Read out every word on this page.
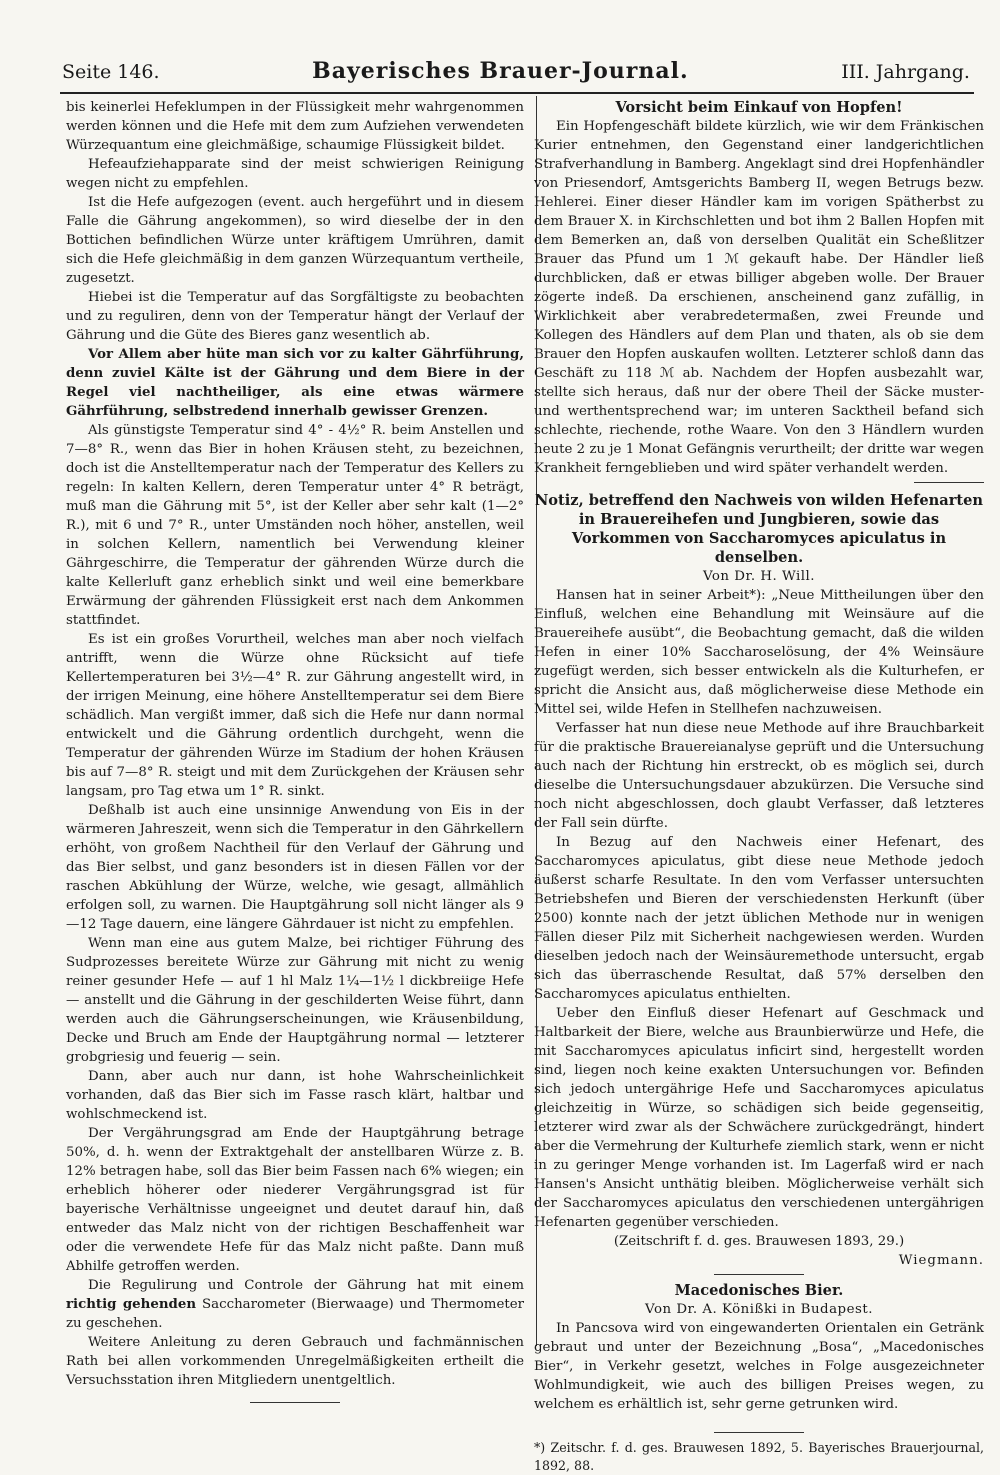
Seite 146.	Bayerisches Brauer-Journal.	III. Jahrgang.

bis keinerlei Hefeklumpen in der Flüssigkeit mehr wahrgenommen werden können und die Hefe mit dem zum Aufziehen verwendeten Würzequantum eine gleichmäßige, schaumige Flüssigkeit bildet.

Hefeaufziehapparate sind der meist schwierigen Reinigung wegen nicht zu empfehlen.

Ist die Hefe aufgezogen (event. auch hergeführt und in diesem Falle die Gährung angekommen), so wird dieselbe der in den Bottichen befindlichen Würze unter kräftigem Umrühren, damit sich die Hefe gleichmäßig in dem ganzen Würzequantum vertheile, zugesetzt.

Hiebei ist die Temperatur auf das Sorgfältigste zu beobachten und zu reguliren, denn von der Temperatur hängt der Verlauf der Gährung und die Güte des Bieres ganz wesentlich ab.

Vor Allem aber hüte man sich vor zu kalter Gährführung, denn zuviel Kälte ist der Gährung und dem Biere in der Regel viel nachtheiliger, als eine etwas wärmere Gährführung, selbstredend innerhalb gewisser Grenzen.

Als günstigste Temperatur sind 4° - 4½° R. beim Anstellen und 7—8° R., wenn das Bier in hohen Kräusen steht, zu bezeichnen, doch ist die Anstelltemperatur nach der Temperatur des Kellers zu regeln: In kalten Kellern, deren Temperatur unter 4° R beträgt, muß man die Gährung mit 5°, ist der Keller aber sehr kalt (1—2° R.), mit 6 und 7° R., unter Umständen noch höher, anstellen, weil in solchen Kellern, namentlich bei Verwendung kleiner Gährgeschirre, die Temperatur der gährenden Würze durch die kalte Kellerluft ganz erheblich sinkt und weil eine bemerkbare Erwärmung der gährenden Flüssigkeit erst nach dem Ankommen stattfindet.

Es ist ein großes Vorurtheil, welches man aber noch vielfach antrifft, wenn die Würze ohne Rücksicht auf tiefe Kellertemperaturen bei 3½—4° R. zur Gährung angestellt wird, in der irrigen Meinung, eine höhere Anstelltemperatur sei dem Biere schädlich. Man vergißt immer, daß sich die Hefe nur dann normal entwickelt und die Gährung ordentlich durchgeht, wenn die Temperatur der gährenden Würze im Stadium der hohen Kräusen bis auf 7—8° R. steigt und mit dem Zurückgehen der Kräusen sehr langsam, pro Tag etwa um 1° R. sinkt.

Deßhalb ist auch eine unsinnige Anwendung von Eis in der wärmeren Jahreszeit, wenn sich die Temperatur in den Gährkellern erhöht, von großem Nachtheil für den Verlauf der Gährung und das Bier selbst, und ganz besonders ist in diesen Fällen vor der raschen Abkühlung der Würze, welche, wie gesagt, allmählich erfolgen soll, zu warnen. Die Hauptgährung soll nicht länger als 9—12 Tage dauern, eine längere Gährdauer ist nicht zu empfehlen.

Wenn man eine aus gutem Malze, bei richtiger Führung des Sudprozesses bereitete Würze zur Gährung mit nicht zu wenig reiner gesunder Hefe — auf 1 hl Malz 1¼—1½ l dickbreiige Hefe — anstellt und die Gährung in der geschilderten Weise führt, dann werden auch die Gährungserscheinungen, wie Kräusenbildung, Decke und Bruch am Ende der Hauptgährung normal — letzterer grobgriesig und feuerig — sein.

Dann, aber auch nur dann, ist hohe Wahrscheinlichkeit vorhanden, daß das Bier sich im Fasse rasch klärt, haltbar und wohlschmeckend ist.

Der Vergährungsgrad am Ende der Hauptgährung betrage 50%, d. h. wenn der Extraktgehalt der anstellbaren Würze z. B. 12% betragen habe, soll das Bier beim Fassen nach 6% wiegen; ein erheblich höherer oder niederer Vergährungsgrad ist für bayerische Verhältnisse ungeeignet und deutet darauf hin, daß entweder das Malz nicht von der richtigen Beschaffenheit war oder die verwendete Hefe für das Malz nicht paßte. Dann muß Abhilfe getroffen werden.

Die Regulirung und Controle der Gährung hat mit einem richtig gehenden Saccharometer (Bierwaage) und Thermometer zu geschehen.

Weitere Anleitung zu deren Gebrauch und fachmännischen Rath bei allen vorkommenden Unregelmäßigkeiten ertheilt die Versuchsstation ihren Mitgliedern unentgeltlich.

Vorsicht beim Einkauf von Hopfen!

Ein Hopfengeschäft bildete kürzlich, wie wir dem Fränkischen Kurier entnehmen, den Gegenstand einer landgerichtlichen Strafverhandlung in Bamberg. Angeklagt sind drei Hopfenhändler von Priesendorf, Amtsgerichts Bamberg II, wegen Betrugs bezw. Hehlerei. Einer dieser Händler kam im vorigen Spätherbst zu dem Brauer X. in Kirchschletten und bot ihm 2 Ballen Hopfen mit dem Bemerken an, daß von derselben Qualität ein Scheßlitzer Brauer das Pfund um 1 ℳ gekauft habe. Der Händler ließ durchblicken, daß er etwas billiger abgeben wolle. Der Brauer zögerte indeß. Da erschienen, anscheinend ganz zufällig, in Wirklichkeit aber verabredetermaßen, zwei Freunde und Kollegen des Händlers auf dem Plan und thaten, als ob sie dem Brauer den Hopfen auskaufen wollten. Letzterer schloß dann das Geschäft zu 118 ℳ ab. Nachdem der Hopfen ausbezahlt war, stellte sich heraus, daß nur der obere Theil der Säcke muster- und werthentsprechend war; im unteren Sacktheil befand sich schlechte, riechende, rothe Waare. Von den 3 Händlern wurden heute 2 zu je 1 Monat Gefängnis verurtheilt; der dritte war wegen Krankheit ferngeblieben und wird später verhandelt werden.

Notiz, betreffend den Nachweis von wilden Hefenarten in Brauereihefen und Jungbieren, sowie das Vorkommen von Saccharomyces apiculatus in denselben.

Von Dr. H. Will.

Hansen hat in seiner Arbeit*): „Neue Mittheilungen über den Einfluß, welchen eine Behandlung mit Weinsäure auf die Brauereihefe ausübt“, die Beobachtung gemacht, daß die wilden Hefen in einer 10% Saccharoselösung, der 4% Weinsäure zugefügt werden, sich besser entwickeln als die Kulturhefen, er spricht die Ansicht aus, daß möglicherweise diese Methode ein Mittel sei, wilde Hefen in Stellhefen nachzuweisen.

Verfasser hat nun diese neue Methode auf ihre Brauchbarkeit für die praktische Brauereianalyse geprüft und die Untersuchung auch nach der Richtung hin erstreckt, ob es möglich sei, durch dieselbe die Untersuchungsdauer abzukürzen. Die Versuche sind noch nicht abgeschlossen, doch glaubt Verfasser, daß letzteres der Fall sein dürfte.

In Bezug auf den Nachweis einer Hefenart, des Saccharomyces apiculatus, gibt diese neue Methode jedoch äußerst scharfe Resultate. In den vom Verfasser untersuchten Betriebshefen und Bieren der verschiedensten Herkunft (über 2500) konnte nach der jetzt üblichen Methode nur in wenigen Fällen dieser Pilz mit Sicherheit nachgewiesen werden. Wurden dieselben jedoch nach der Weinsäuremethode untersucht, ergab sich das überraschende Resultat, daß 57% derselben den Saccharomyces apiculatus enthielten.

Ueber den Einfluß dieser Hefenart auf Geschmack und Haltbarkeit der Biere, welche aus Braunbierwürze und Hefe, die mit Saccharomyces apiculatus inficirt sind, hergestellt worden sind, liegen noch keine exakten Untersuchungen vor. Befinden sich jedoch untergährige Hefe und Saccharomyces apiculatus gleichzeitig in Würze, so schädigen sich beide gegenseitig, letzterer wird zwar als der Schwächere zurückgedrängt, hindert aber die Vermehrung der Kulturhefe ziemlich stark, wenn er nicht in zu geringer Menge vorhanden ist. Im Lagerfaß wird er nach Hansen's Ansicht unthätig bleiben. Möglicherweise verhält sich der Saccharomyces apiculatus den verschiedenen untergährigen Hefenarten gegenüber verschieden.

(Zeitschrift f. d. ges. Brauwesen 1893, 29.)

Wiegmann.

Macedonisches Bier.

Von Dr. A. Könißki in Budapest.

In Pancsova wird von eingewanderten Orientalen ein Getränk gebraut und unter der Bezeichnung „Bosa“, „Macedonisches Bier“, in Verkehr gesetzt, welches in Folge ausgezeichneter Wohlmundigkeit, wie auch des billigen Preises wegen, zu welchem es erhältlich ist, sehr gerne getrunken wird.

*) Zeitschr. f. d. ges. Brauwesen 1892, 5. Bayerisches Brauerjournal, 1892, 88.
